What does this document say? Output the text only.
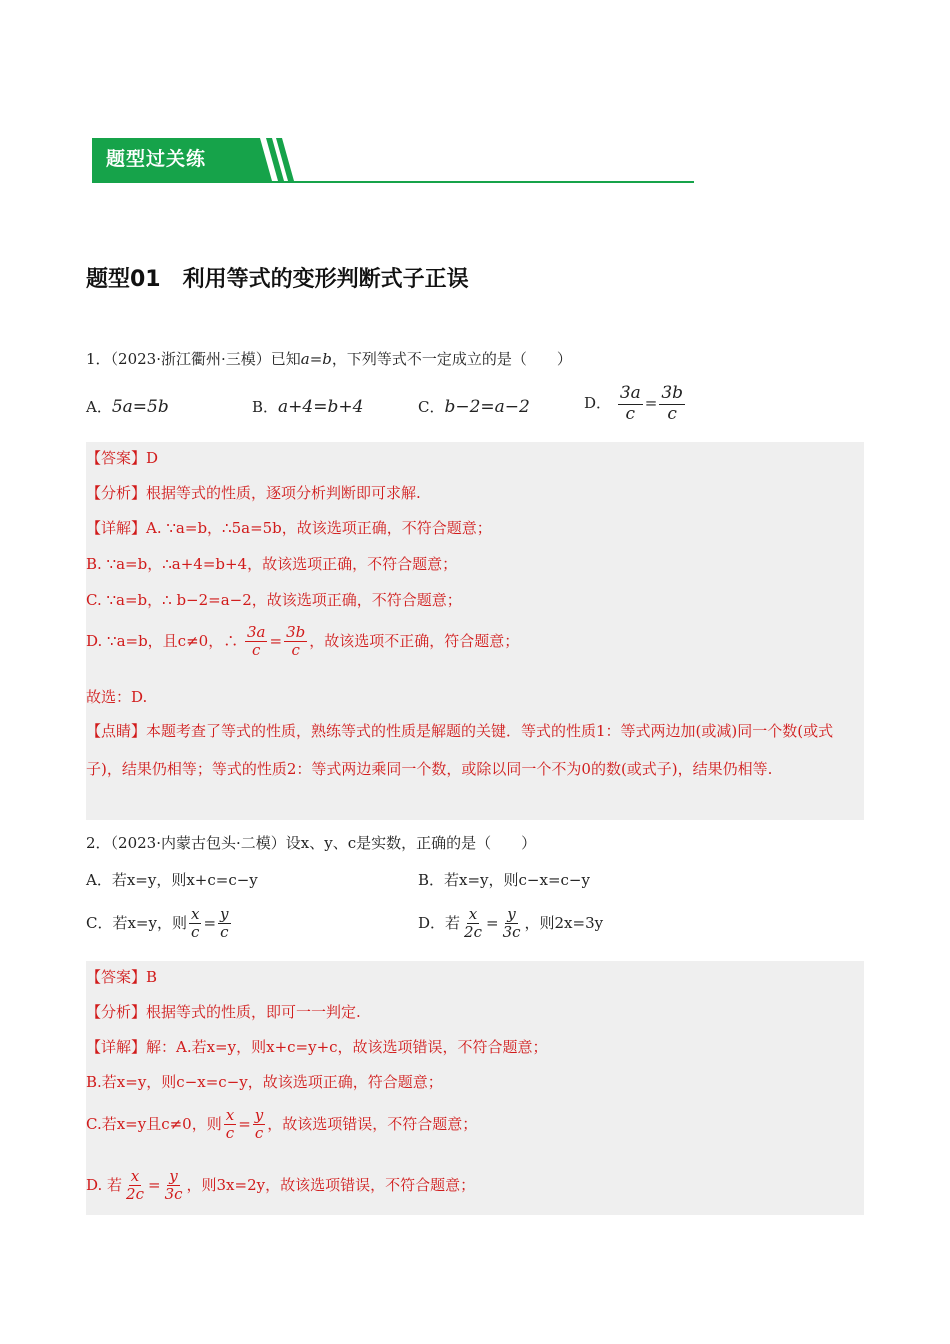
题型过关练
题型01　利用等式的变形判断式子正误
1．（2023·浙江衢州·三模）已知a=b，下列等式不一定成立的是（　　）
A．5a=5b	B．a+4=b+4	C．b−2=a−2	D． $\frac{3a}{c} = \frac{3b}{c}$
【答案】D
【分析】根据等式的性质，逐项分析判断即可求解.
【详解】A. ∵a=b，∴5a=5b，故该选项正确，不符合题意；
B. ∵a=b，∴a+4=b+4，故该选项正确，不符合题意；
C. ∵a=b，∴ b−2=a−2，故该选项正确，不符合题意；
D. ∵a=b，且c≠0，∴ $\frac{3a}{c} = \frac{3b}{c}$ ，故该选项不正确，符合题意；
故选：D.
【点睛】本题考查了等式的性质，熟练等式的性质是解题的关键．等式的性质1：等式两边加(或减)同一个数(或式子)，结果仍相等；等式的性质2：等式两边乘同一个数，或除以同一个不为0的数(或式子)，结果仍相等.
2．（2023·内蒙古包头·二模）设x、y、c是实数，正确的是（　　）
A．若x=y，则x+c=c−y	B．若x=y，则c−x=c−y
C．若x=y，则 $\frac{x}{c} = \frac{y}{c}$	D．若 $\frac{x}{2c} = \frac{y}{3c}$ ，则2x=3y
【答案】B
【分析】根据等式的性质，即可一一判定.
【详解】解：A.若x=y，则x+c=y+c，故该选项错误，不符合题意；
B.若x=y，则c−x=c−y，故该选项正确，符合题意；
C.若x=y且c≠0，则 $\frac{x}{c} = \frac{y}{c}$ ，故该选项错误，不符合题意；
D. 若 $\frac{x}{2c} = \frac{y}{3c}$ ，则3x=2y，故该选项错误，不符合题意；
